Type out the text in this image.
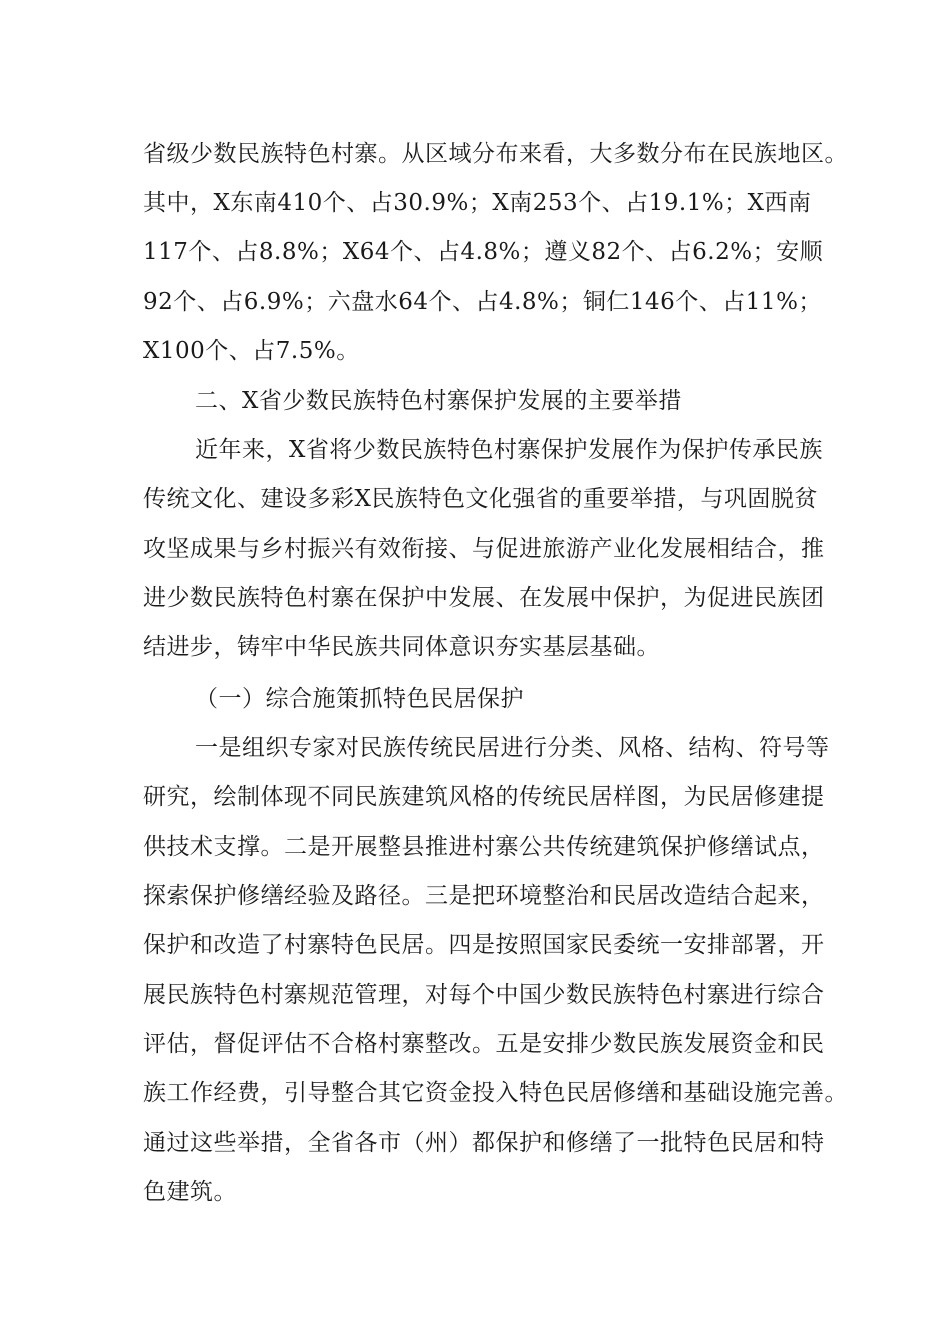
省级少数民族特色村寨。从区域分布来看，大多数分布在民族地区。
其中，X东南410个、占30.9%；X南253个、占19.1%；X西南
117个、占8.8%；X64个、占4.8%；遵义82个、占6.2%；安顺
92个、占6.9%；六盘水64个、占4.8%；铜仁146个、占11%；
X100个、占7.5%。
二、X省少数民族特色村寨保护发展的主要举措
近年来，X省将少数民族特色村寨保护发展作为保护传承民族
传统文化、建设多彩X民族特色文化强省的重要举措，与巩固脱贫
攻坚成果与乡村振兴有效衔接、与促进旅游产业化发展相结合，推
进少数民族特色村寨在保护中发展、在发展中保护，为促进民族团
结进步，铸牢中华民族共同体意识夯实基层基础。
（一）综合施策抓特色民居保护
一是组织专家对民族传统民居进行分类、风格、结构、符号等
研究，绘制体现不同民族建筑风格的传统民居样图，为民居修建提
供技术支撑。二是开展整县推进村寨公共传统建筑保护修缮试点，
探索保护修缮经验及路径。三是把环境整治和民居改造结合起来，
保护和改造了村寨特色民居。四是按照国家民委统一安排部署，开
展民族特色村寨规范管理，对每个中国少数民族特色村寨进行综合
评估，督促评估不合格村寨整改。五是安排少数民族发展资金和民
族工作经费，引导整合其它资金投入特色民居修缮和基础设施完善。
通过这些举措，全省各市（州）都保护和修缮了一批特色民居和特
色建筑。
